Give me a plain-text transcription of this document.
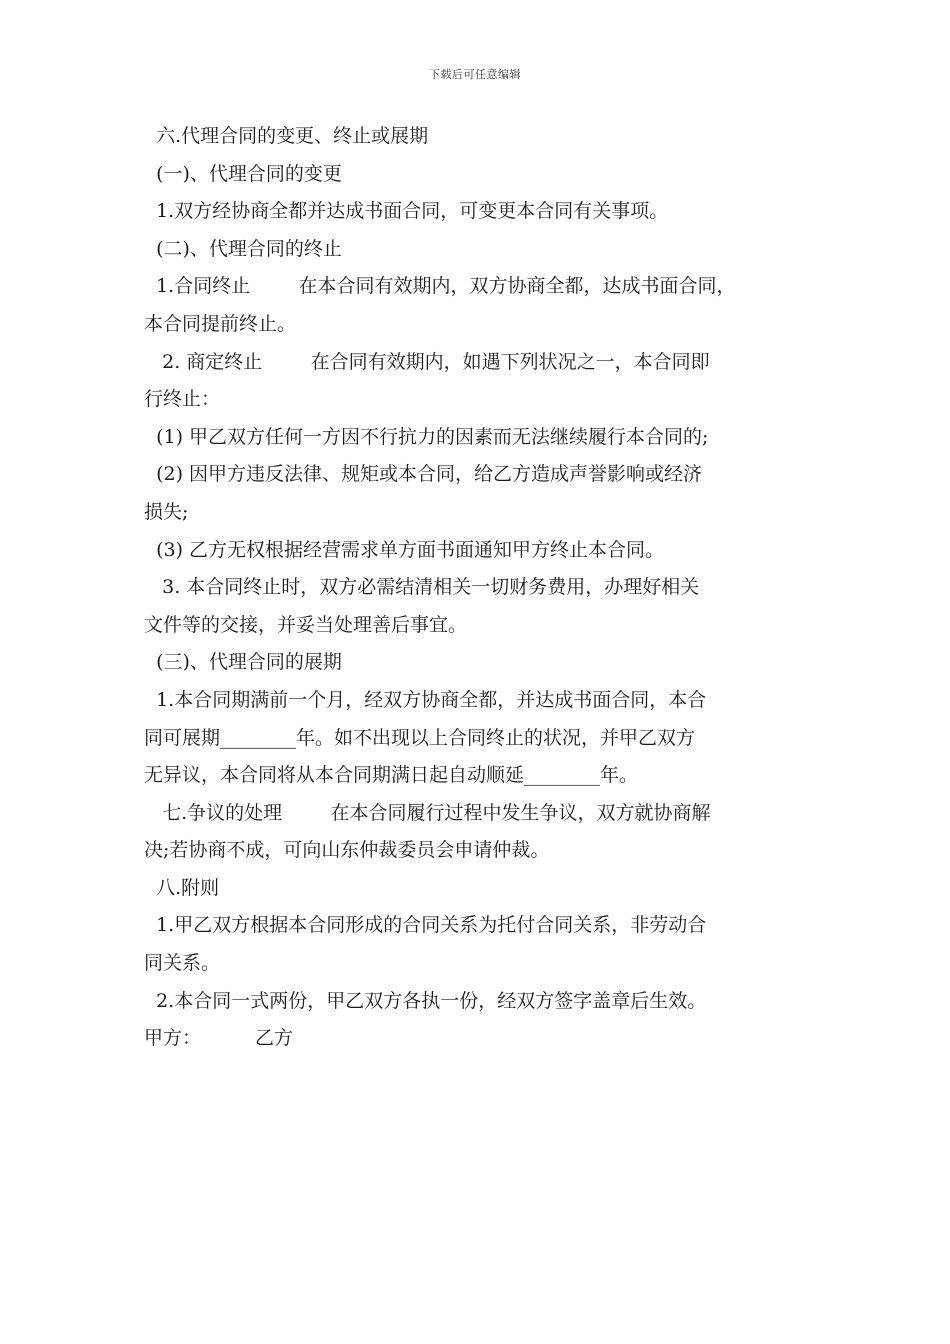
下载后可任意编辑

六.代理合同的变更、终止或展期

(一)、代理合同的变更

1.双方经协商全都并达成书面合同，可变更本合同有关事项。

(二)、代理合同的终止

1.合同终止        在本合同有效期内，双方协商全都，达成书面合同，

本合同提前终止。

2. 商定终止        在合同有效期内，如遇下列状况之一，本合同即

行终止：

(1) 甲乙双方任何一方因不行抗力的因素而无法继续履行本合同的;

(2) 因甲方违反法律、规矩或本合同，给乙方造成声誉影响或经济

损失;

(3) 乙方无权根据经营需求单方面书面通知甲方终止本合同。

3. 本合同终止时，双方必需结清相关一切财务费用，办理好相关

文件等的交接，并妥当处理善后事宜。

(三)、代理合同的展期

1.本合同期满前一个月，经双方协商全都，并达成书面合同，本合

同可展期________年。如不出现以上合同终止的状况，并甲乙双方

无异议，本合同将从本合同期满日起自动顺延________年。

七.争议的处理        在本合同履行过程中发生争议，双方就协商解

决;若协商不成，可向山东仲裁委员会申请仲裁。

八.附则

1.甲乙双方根据本合同形成的合同关系为托付合同关系，非劳动合

同关系。

2.本合同一式两份，甲乙双方各执一份，经双方签字盖章后生效。

甲方：	乙方
